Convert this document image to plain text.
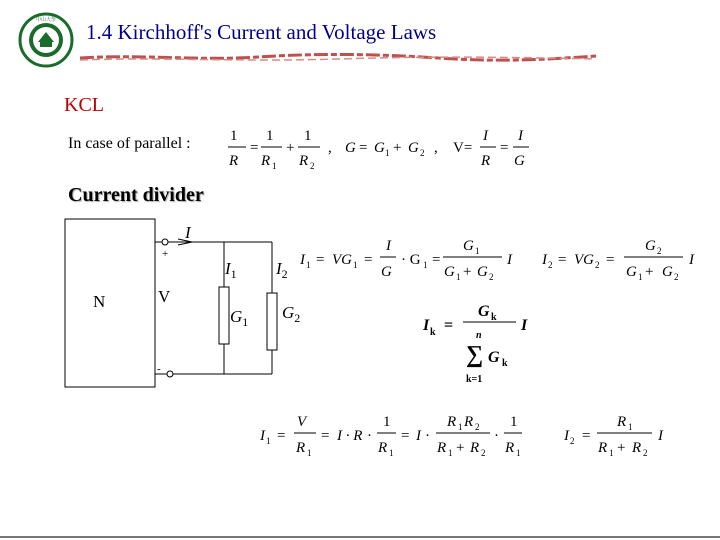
中山大學 1.4 Kirchhoff's Current and Voltage Laws
KCL
In case of parallel :
Current divider
N
+
-
V
I
$I_1$ $I_2$
$G_1$ $G_2$
1
R
=
1
R 1
+
1
R 2
, G = G 1 + G 2 , V=
I
R
=
I
G
I 1 = VG 1 =
I
G
· G 1 =
G 1
G 1 + G 2
I I 2 = VG 2 =
G 2
G 1 + G 2
I
I k =
G k
n
∑ G k
k=1
I
I 1 =
V
R 1
= I · R ·
1
R 1
= I ·
R 1 R 2
R 1 + R 2
·
1
R 1
I 2 =
R 1
R 1 + R 2
I
